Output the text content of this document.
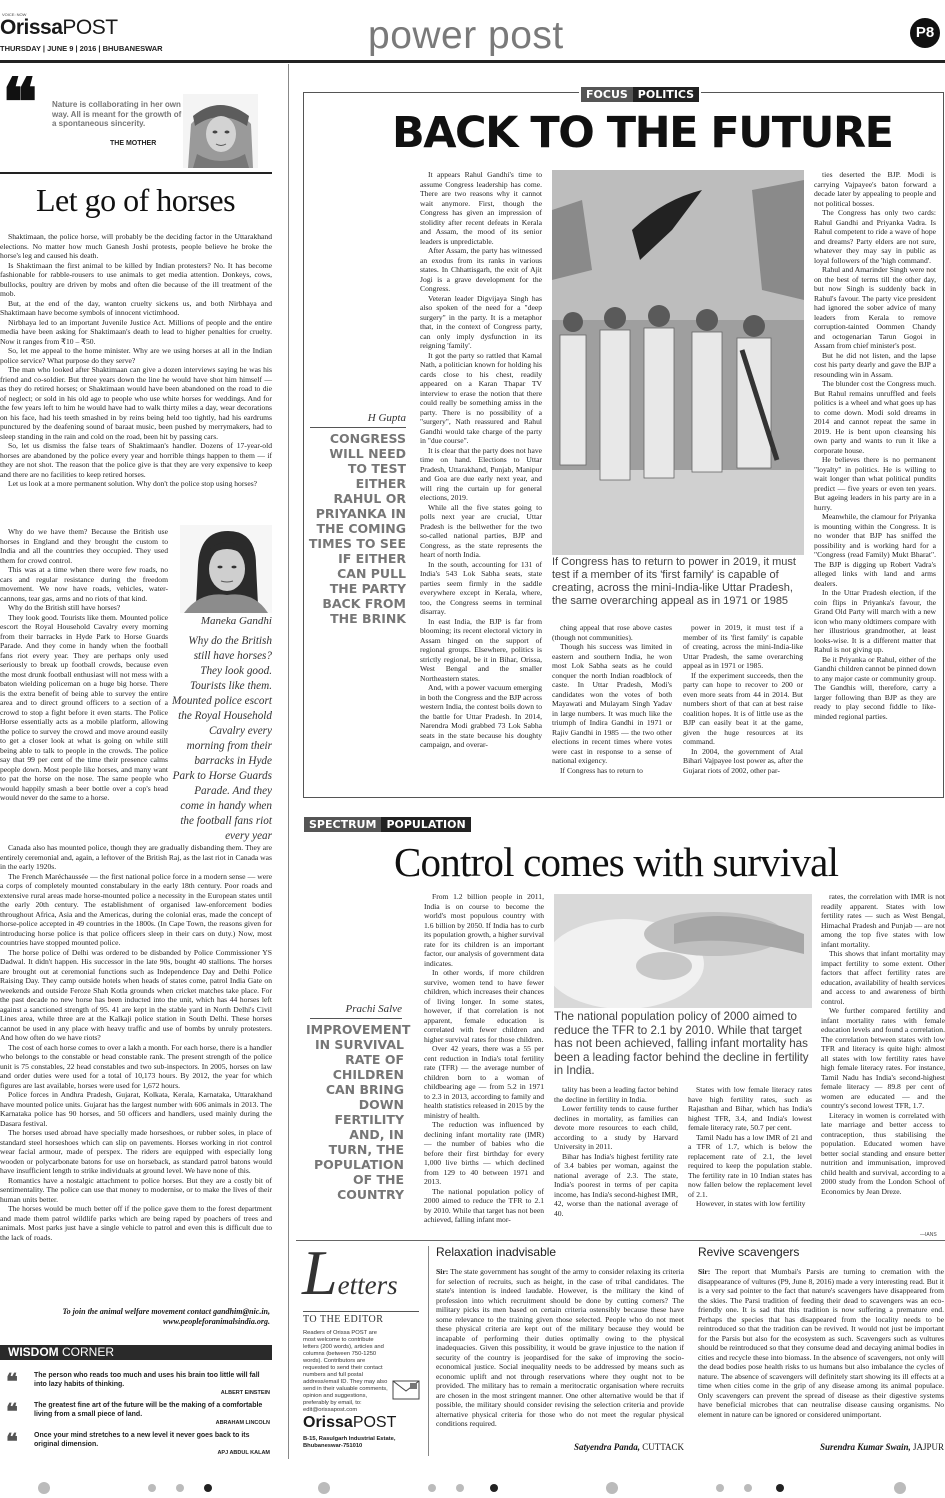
VOICE: NOW
OrissaPOST
THURSDAY | JUNE 9 | 2016 | BHUBANESWAR	power post	P8
❝ Nature is collaborating in her own way. All is meant for the growth of a spontaneous sincerity.
THE MOTHER
Let go of horses

Shaktimaan, the police horse, will probably be the deciding factor in the Uttarakhand elections. No matter how much Ganesh Joshi protests, people believe he broke the horse's leg and caused his death.

Is Shaktimaan the first animal to be killed by Indian protesters? No. It has become fashionable for rabble-rousers to use animals to get media attention. Donkeys, cows, bullocks, poultry are driven by mobs and often die because of the ill treatment of the mob.

But, at the end of the day, wanton cruelty sickens us, and both Nirbhaya and Shaktimaan have become symbols of innocent victimhood.

Nirbhaya led to an important Juvenile Justice Act. Millions of people and the entire media have been asking for Shaktimaan's death to lead to higher penalties for cruelty. Now it ranges from ₹10 – ₹50.

So, let me appeal to the home minister. Why are we using horses at all in the Indian police service? What purpose do they serve?

The man who looked after Shaktimaan can give a dozen interviews saying he was his friend and co-soldier. But three years down the line he would have shot him himself — as they do retired horses; or Shaktimaan would have been abandoned on the road to die of neglect; or sold in his old age to people who use white horses for weddings. And for the few years left to him he would have had to walk thirty miles a day, wear decorations on his face, had his teeth smashed in by reins being held too tightly, had his eardrums punctured by the deafening sound of baraat music, been pushed by merrymakers, had to sleep standing in the rain and cold on the road, been hit by passing cars.

So, let us dismiss the false tears of Shaktimaan's handler. Dozens of 17-year-old horses are abandoned by the police every year and horrible things happen to them — if they are not shot. The reason that the police give is that they are very expensive to keep and there are no facilities to keep retired horses.

Let us look at a more permanent solution. Why don't the police stop using horses?

Why do we have them? Because the British use horses in England and they brought the custom to India and all the countries they occupied. They used them for crowd control.

This was at a time when there were few roads, no cars and regular resistance during the freedom movement. We now have roads, vehicles, water-cannons, tear gas, arms and no riots of that kind.

Why do the British still have horses?

They look good. Tourists like them. Mounted police escort the Royal Household Cavalry every morning from their barracks in Hyde Park to Horse Guards Parade. And they come in handy when the football fans riot every year. They are perhaps only used seriously to break up football crowds, because even the most drunk football enthusiast will not mess with a baton wielding policeman on a huge big horse. There is the extra benefit of being able to survey the entire area and to direct ground officers to a section of a crowd to stop a fight before it even starts. The Police Horse essentially acts as a mobile platform, allowing the police to survey the crowd and move around easily to get a closer look at what is going on while still being able to talk to people in the crowds. The police say that 99 per cent of the time their presence calms people down. Most people like horses, and many want to pat the horse on the nose. The same people who would happily smash a beer bottle over a cop's head would never do the same to a horse.

Maneka Gandhi
Why do the British still have horses? They look good. Tourists like them. Mounted police escort the Royal Household Cavalry every morning from their barracks in Hyde Park to Horse Guards Parade. And they come in handy when the football fans riot every year

Canada also has mounted police, though they are gradually disbanding them. They are entirely ceremonial and, again, a leftover of the British Raj, as the last riot in Canada was in the early 1920s.

The French Maréchaussée — the first national police force in a modern sense — were a corps of completely mounted constabulary in the early 18th century. Poor roads and extensive rural areas made horse-mounted police a necessity in the European states until the early 20th century. The establishment of organised law-enforcement bodies throughout Africa, Asia and the Americas, during the colonial eras, made the concept of horse-police accepted in 49 countries in the 1800s. (In Cape Town, the reasons given for introducing horse police is that police officers sleep in their cars on duty.) Now, most countries have stopped mounted police.

The horse police of Delhi was ordered to be disbanded by Police Commissioner YS Dadwal. It didn't happen. His successor in the late 90s, bought 40 stallions. The horses are brought out at ceremonial functions such as Independence Day and Delhi Police Raising Day. They camp outside hotels when heads of states come, patrol India Gate on weekends and outside Feroze Shah Kotla grounds when cricket matches take place. For the past decade no new horse has been inducted into the unit, which has 44 horses left against a sanctioned strength of 95. 41 are kept in the stable yard in North Delhi's Civil Lines area, while three are at the Kalkaji police station in South Delhi. These horses cannot be used in any place with heavy traffic and use of bombs by unruly protesters. And how often do we have riots?

The cost of each horse comes to over a lakh a month. For each horse, there is a handler who belongs to the constable or head constable rank. The present strength of the police unit is 75 constables, 22 head constables and two sub-inspectors. In 2005, horses on law and order duties were used for a total of 10,173 hours. By 2012, the year for which figures are last available, horses were used for 1,672 hours.

Police forces in Andhra Pradesh, Gujarat, Kolkata, Kerala, Karnataka, Uttarakhand have mounted police units. Gujarat has the largest number with 606 animals in 2013. The Karnataka police has 90 horses, and 50 officers and handlers, used mainly during the Dasara festival.

The horses used abroad have specially made horseshoes, or rubber soles, in place of standard steel horseshoes which can slip on pavements. Horses working in riot control wear facial armour, made of perspex. The riders are equipped with especially long wooden or polycarbonate batons for use on horseback, as standard patrol batons would have insufficient length to strike individuals at ground level. We have none of this.

Romantics have a nostalgic attachment to police horses. But they are a costly bit of sentimentality. The police can use that money to modernise, or to make the lives of their human units better.

The horses would be much better off if the police gave them to the forest department and made them patrol wildlife parks which are being raped by poachers of trees and animals. Most parks just have a single vehicle to patrol and even this is difficult due to the lack of roads.

To join the animal welfare movement contact gandhim@nic.in,
www.peopleforanimalsindia.org.
WISDOM CORNER
❝ The person who reads too much and uses his brain too little will fall into lazy habits of thinking.
ALBERT EINSTEIN
❝ The greatest fine art of the future will be the making of a comfortable living from a small piece of land.
ABRAHAM LINCOLN
❝ Once your mind stretches to a new level it never goes back to its original dimension.
APJ ABDUL KALAM
FOCUS POLITICS
BACK TO THE FUTURE
H Gupta
CONGRESS WILL NEED TO TEST EITHER RAHUL OR PRIYANKA IN THE COMING TIMES TO SEE IF EITHER CAN PULL THE PARTY BACK FROM THE BRINK

It appears Rahul Gandhi's time to assume Congress leadership has come. There are two reasons why it cannot wait anymore. First, though the Congress has given an impression of stolidity after recent defeats in Kerala and Assam, the mood of its senior leaders is unpredictable.

After Assam, the party has witnessed an exodus from its ranks in various states. In Chhattisgarh, the exit of Ajit Jogi is a grave development for the Congress.

Veteran leader Digvijaya Singh has also spoken of the need for a "deep surgery" in the party. It is a metaphor that, in the context of Congress party, can only imply dysfunction in its reigning 'family'.

It got the party so rattled that Kamal Nath, a politician known for holding his cards close to his chest, readily appeared on a Karan Thapar TV interview to erase the notion that there could really be something amiss in the party. There is no possibility of a "surgery", Nath reassured and Rahul Gandhi would take charge of the party in "due course".

It is clear that the party does not have time on hand. Elections to Uttar Pradesh, Uttarakhand, Punjab, Manipur and Goa are due early next year, and will ring the curtain up for general elections, 2019.

While all the five states going to polls next year are crucial, Uttar Pradesh is the bellwether for the two so-called national parties, BJP and Congress, as the state represents the heart of north India.

In the south, accounting for 131 of India's 543 Lok Sabha seats, state parties seem firmly in the saddle everywhere except in Kerala, where, too, the Congress seems in terminal disarray.

In east India, the BJP is far from blooming; its recent electoral victory in Assam hinged on the support of regional groups. Elsewhere, politics is strictly regional, be it in Bihar, Orissa, West Bengal and the smaller Northeastern states.

And, with a power vacuum emerging in both the Congress and the BJP across western India, the contest boils down to the battle for Uttar Pradesh. In 2014, Narendra Modi grabbed 73 Lok Sabha seats in the state because his doughty campaign, and overar-

If Congress has to return to power in 2019, it must test if a member of its 'first family' is capable of creating, across the mini-India-like Uttar Pradesh, the same overarching appeal as in 1971 or 1985

ching appeal that rose above castes (though not communities).

Though his success was limited in eastern and southern India, he won most Lok Sabha seats as he could conquer the north Indian roadblock of caste. In Uttar Pradesh, Modi's candidates won the votes of both Mayawati and Mulayam Singh Yadav in large numbers. It was much like the triumph of Indira Gandhi in 1971 or Rajiv Gandhi in 1985 — the two other elections in recent times where votes were cast in response to a sense of national exigency.

If Congress has to return to

power in 2019, it must test if a member of its 'first family' is capable of creating, across the mini-India-like Uttar Pradesh, the same overarching appeal as in 1971 or 1985.

If the experiment succeeds, then the party can hope to recover to 200 or even more seats from 44 in 2014. But numbers short of that can at best raise coalition hopes. It is of little use as the BJP can easily beat it at the game, given the huge resources at its command.

In 2004, the government of Atal Bihari Vajpayee lost power as, after the Gujarat riots of 2002, other par-

ties deserted the BJP. Modi is carrying Vajpayee's baton forward a decade later by appealing to people and not political bosses.

The Congress has only two cards: Rahul Gandhi and Priyanka Vadra. Is Rahul competent to ride a wave of hope and dreams? Party elders are not sure, whatever they may say in public as loyal followers of the 'high command'.

Rahul and Amarinder Singh were not on the best of terms till the other day, but now Singh is suddenly back in Rahul's favour. The party vice president had ignored the sober advice of many leaders from Kerala to remove corruption-tainted Oommen Chandy and octogenarian Tarun Gogoi in Assam from chief minister's post.

But he did not listen, and the lapse cost his party dearly and gave the BJP a resounding win in Assam.

The blunder cost the Congress much. But Rahul remains unruffled and feels politics is a wheel and what goes up has to come down. Modi sold dreams in 2014 and cannot repeat the same in 2019. He is bent upon cleansing his own party and wants to run it like a corporate house.

He believes there is no permanent "loyalty" in politics. He is willing to wait longer than what political pundits predict — five years or even ten years. But ageing leaders in his party are in a hurry.

Meanwhile, the clamour for Priyanka is mounting within the Congress. It is no wonder that BJP has sniffed the possibility and is working hard for a "Congress (read Family) Mukt Bharat". The BJP is digging up Robert Vadra's alleged links with land and arms dealers.

In the Uttar Pradesh election, if the coin flips in Priyanka's favour, the Grand Old Party will march with a new icon who many oldtimers compare with her illustrious grandmother, at least looks-wise. It is a different matter that Rahul is not giving up.

Be it Priyanka or Rahul, either of the Gandhi children cannot be pinned down to any major caste or community group. The Gandhis will, therefore, carry a larger following than BJP as they are ready to play second fiddle to like-minded regional parties.

SPECTRUM POPULATION
Control comes with survival
Prachi Salve
IMPROVEMENT IN SURVIVAL RATE OF CHILDREN CAN BRING DOWN FERTILITY AND, IN TURN, THE POPULATION OF THE COUNTRY

From 1.2 billion people in 2011, India is on course to become the world's most populous country with 1.6 billion by 2050. If India has to curb its population growth, a higher survival rate for its children is an important factor, our analysis of government data indicates.

In other words, if more children survive, women tend to have fewer children, which increases their chances of living longer. In some states, however, if that correlation is not apparent, female education is correlated with fewer children and higher survival rates for those children.

Over 42 years, there was a 55 per cent reduction in India's total fertility rate (TFR) — the average number of children born to a woman of childbearing age — from 5.2 in 1971 to 2.3 in 2013, according to family and health statistics released in 2015 by the ministry of health.

The reduction was influenced by declining infant mortality rate (IMR) — the number of babies who die before their first birthday for every 1,000 live births — which declined from 129 to 40 between 1971 and 2013.

The national population policy of 2000 aimed to reduce the TFR to 2.1 by 2010. While that target has not been achieved, falling infant mor-

The national population policy of 2000 aimed to reduce the TFR to 2.1 by 2010. While that target has not been achieved, falling infant mortality has been a leading factor behind the decline in fertility in India.

tality has been a leading factor behind the decline in fertility in India.

Lower fertility tends to cause further declines in mortality, as families can devote more resources to each child, according to a study by Harvard University in 2011.

Bihar has India's highest fertility rate of 3.4 babies per woman, against the national average of 2.3. The state, India's poorest in terms of per capita income, has India's second-highest IMR, 42, worse than the national average of 40.

States with low female literacy rates have high fertility rates, such as Rajasthan and Bihar, which has India's highest TFR, 3.4, and India's lowest female literacy rate, 50.7 per cent.

Tamil Nadu has a low IMR of 21 and a TFR of 1.7, which is below the replacement rate of 2.1, the level required to keep the population stable. The fertility rate in 10 Indian states has now fallen below the replacement level of 2.1.

However, in states with low fertility

rates, the correlation with IMR is not readily apparent. States with low fertility rates — such as West Bengal, Himachal Pradesh and Punjab — are not among the top five states with low infant mortality.

This shows that infant mortality may impact fertility to some extent. Other factors that affect fertility rates are education, availability of health services and access to and awareness of birth control.

We further compared fertility and infant mortality rates with female education levels and found a correlation. The correlation between states with low TFR and literacy is quite high: almost all states with low fertility rates have high female literacy rates. For instance, Tamil Nadu has India's second-highest female literacy — 89.8 per cent of women are educated — and the country's second lowest TFR, 1.7.

Literacy in women is correlated with late marriage and better access to contraception, thus stabilising the population. Educated women have better social standing and ensure better nutrition and immunisation, improved child health and survival, according to a 2000 study from the London School of Economics by Jean Dreze.

—IANS
Letters
TO THE EDITOR
Readers of Orissa POST are most welcome to contribute letters (200 words), articles and columns (between 750-1250 words). Contributors are requested to send their contact numbers and full postal address/email ID. They may also send in their valuable comments, opinion and suggestions, preferably by email, to: edit@orissapost.com
OrissaPOST
B-15, Rasulgarh Industrial Estate, Bhubaneswar-751010
Relaxation inadvisable
Sir: The state government has sought of the army to consider relaxing its criteria for selection of recruits, such as height, in the case of tribal candidates. The state's intention is indeed laudable. However, is the military the kind of profession into which recruitment should be done by cutting corners? The military picks its men based on certain criteria ostensibly because these have some relevance to the training given those selected. People who do not meet these physical criteria are kept out of the military because they would be incapable of performing their duties optimally owing to the physical inadequacies. Given this possibility, it would be grave injustice to the nation if security of the country is jeopardised for the sake of improving the socio-economical justice. Social inequality needs to be addressed by means such as economic uplift and not through reservations where they ought not to be provided. The military has to remain a meritocratic organisation where recruits are chosen in the most stringent manner. One other alternative would be that if possible, the military should consider revising the selection criteria and provide alternative physical criteria for those who do not meet the regular physical conditions required.
Satyendra Panda, CUTTACK
Revive scavengers
Sir: The report that Mumbai's Parsis are turning to cremation with the disappearance of vultures (P9, June 8, 2016) made a very interesting read. But it is a very sad pointer to the fact that nature's scavengers have disappeared from the skies. The Parsi tradition of feeding their dead to scavengers was an eco-friendly one. It is sad that this tradition is now suffering a premature end. Perhaps the species that has disappeared from the locality needs to be reintroduced so that the tradition can be revived. It would not just be important for the Parsis but also for the ecosystem as such. Scavengers such as vultures should be reintroduced so that they consume dead and decaying animal bodies in cities and recycle these into biomass. In the absence of scavengers, not only will the dead bodies pose health risks to us humans but also imbalance the cycles of nature. The absence of scavengers will definitely start showing its ill effects at a time when cities come in the grip of any disease among its animal populace. Only scavengers can prevent the spread of disease as their digestive systems have beneficial microbes that can neutralise disease causing organisms. No element in nature can be ignored or considered unimportant.
Surendra Kumar Swain, JAJPUR
